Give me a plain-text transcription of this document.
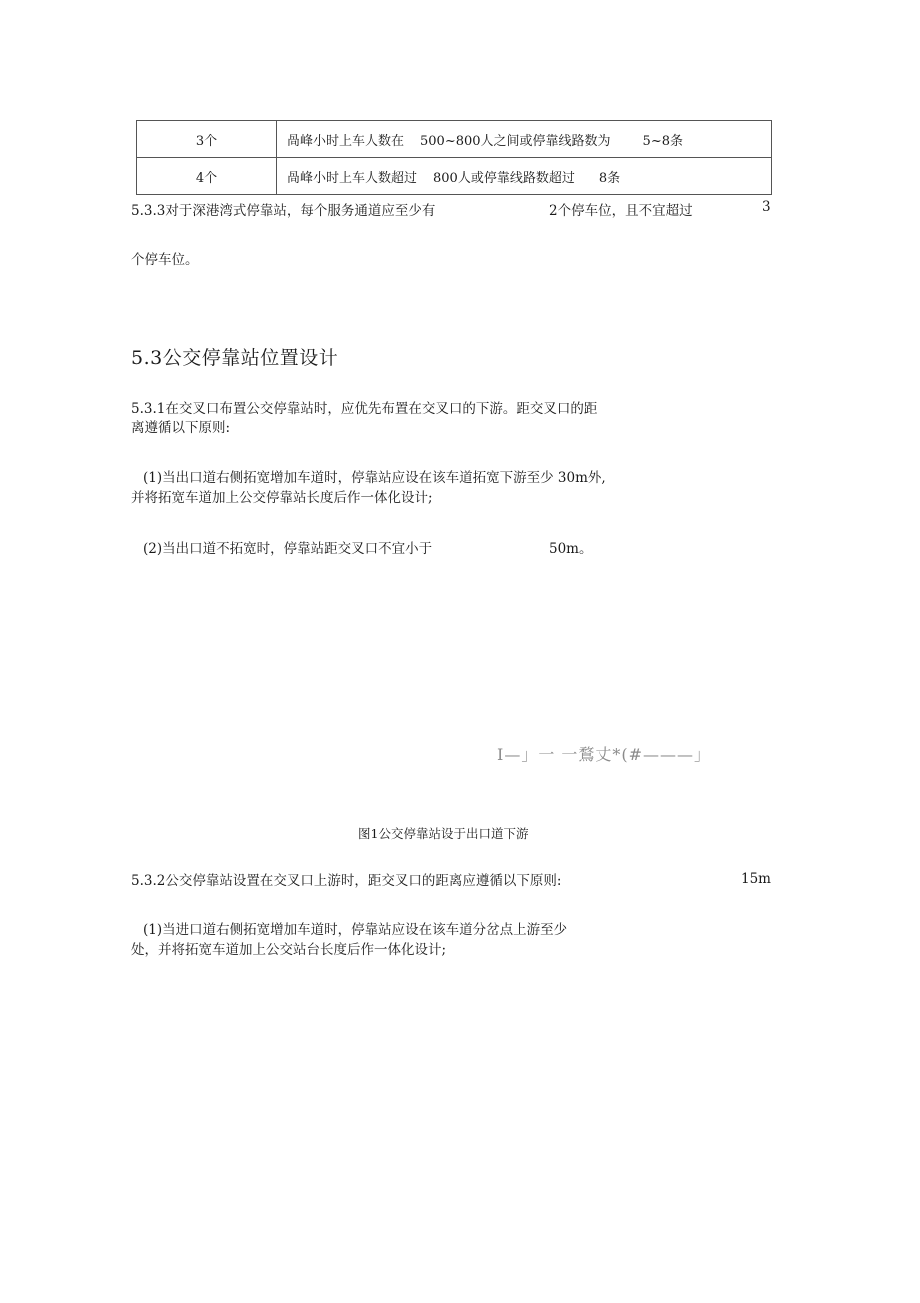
3个	咼峰小时上车人数在 500~800人之间或停靠线路数为 5~8条
4个	咼峰小时上车人数超过 800人或停靠线路数超过 8条
5.3.3对于深港湾式停靠站，每个服务通道应至少有	2个停车位，且不宜超过	3
个停车位。
5.3公交停靠站位置设计
5.3.1在交叉口布置公交停靠站时，应优先布置在交叉口的下游。距交叉口的距
离遵循以下原则:
(1)当出口道右侧拓宽增加车道时，停靠站应设在该车道拓宽下游至少 30m外,
并将拓宽车道加上公交停靠站长度后作一体化设计;
(2)当出口道不拓宽时，停靠站距交叉口不宜小于	50m。
I—」一 一鶩丈*(#———」
图1公交停靠站设于出口道下游
5.3.2公交停靠站设置在交叉口上游时，距交叉口的距离应遵循以下原则:	15m
(1)当进口道右侧拓宽增加车道时，停靠站应设在该车道分岔点上游至少
处，并将拓宽车道加上公交站台长度后作一体化设计;
